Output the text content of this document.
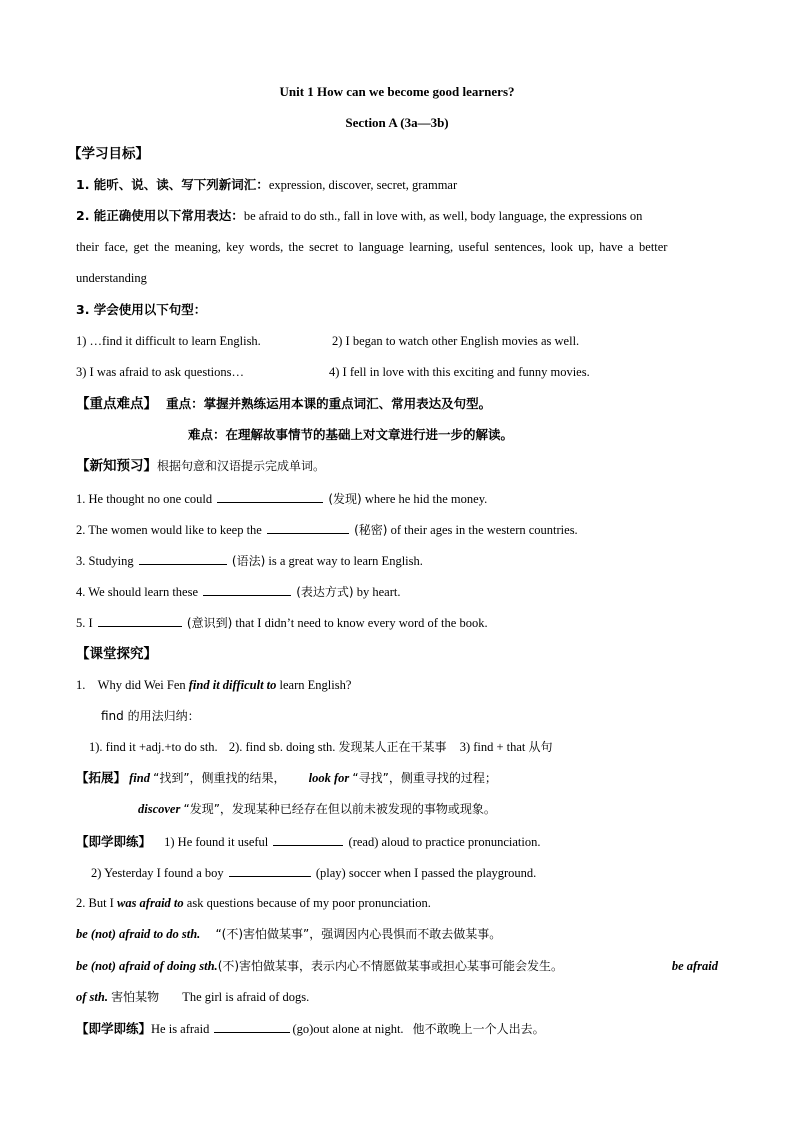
Unit 1 How can we become good learners?
Section A (3a—3b)
【学习目标】
1. 能听、说、读、写下列新词汇：expression, discover, secret, grammar
2. 能正确使用以下常用表达：be afraid to do sth., fall in love with, as well, body language, the expressions on
their face, get the meaning, key words, the secret to language learning, useful sentences, look up, have a better
understanding
3. 学会使用以下句型：
1) …find it difficult to learn English.	2) I began to watch other English movies as well.
3) I was afraid to ask questions…	4) I fell in love with this exciting and funny movies.
【重点难点】 重点：掌握并熟练运用本课的重点词汇、常用表达及句型。
难点：在理解故事情节的基础上对文章进行进一步的解读。
【新知预习】根据句意和汉语提示完成单词。
1. He thought no one could	(发现) where he hid the money.
2. The women would like to keep the	(秘密) of their ages in the western countries.
3. Studying	(语法) is a great way to learn English.
4. We should learn these	(表达方式) by heart.
5. I	(意识到) that I didn’t need to know every word of the book.
【课堂探究】
1.    Why did Wei Fen find it difficult to learn English?
find 的用法归纳：
1). find it +adj.+to do sth. 2). find sb. doing sth. 发现某人正在干某事 3) find + that 从句
【拓展】 find “找到”，侧重找的结果， look for “寻找”，侧重寻找的过程；
discover “发现”，发现某种已经存在但以前未被发现的事物或现象。
【即学即练】 1) He found it useful	(read) aloud to practice pronunciation.
2) Yesterday I found a boy	(play) soccer when I passed the playground.
2. But I was afraid to ask questions because of my poor pronunciation.
be (not) afraid to do sth. “(不)害怕做某事”，强调因内心畏惧而不敢去做某事。
be (not) afraid of doing sth.(不)害怕做某事，表示内心不情愿做某事或担心某事可能会发生。	be afraid
of sth. 害怕某物 The girl is afraid of dogs.
【即学即练】He is afraid	(go)out alone at night. 他不敢晚上一个人出去。
